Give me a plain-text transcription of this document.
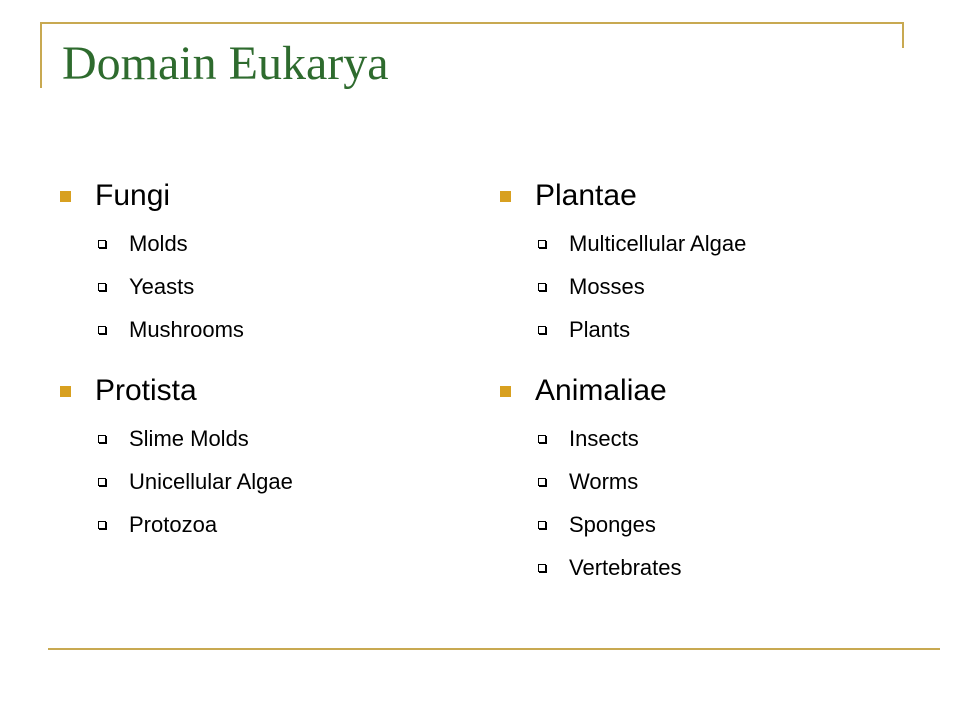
Domain Eukarya
Fungi
Molds
Yeasts
Mushrooms
Protista
Slime Molds
Unicellular Algae
Protozoa
Plantae
Multicellular Algae
Mosses
Plants
Animaliae
Insects
Worms
Sponges
Vertebrates
